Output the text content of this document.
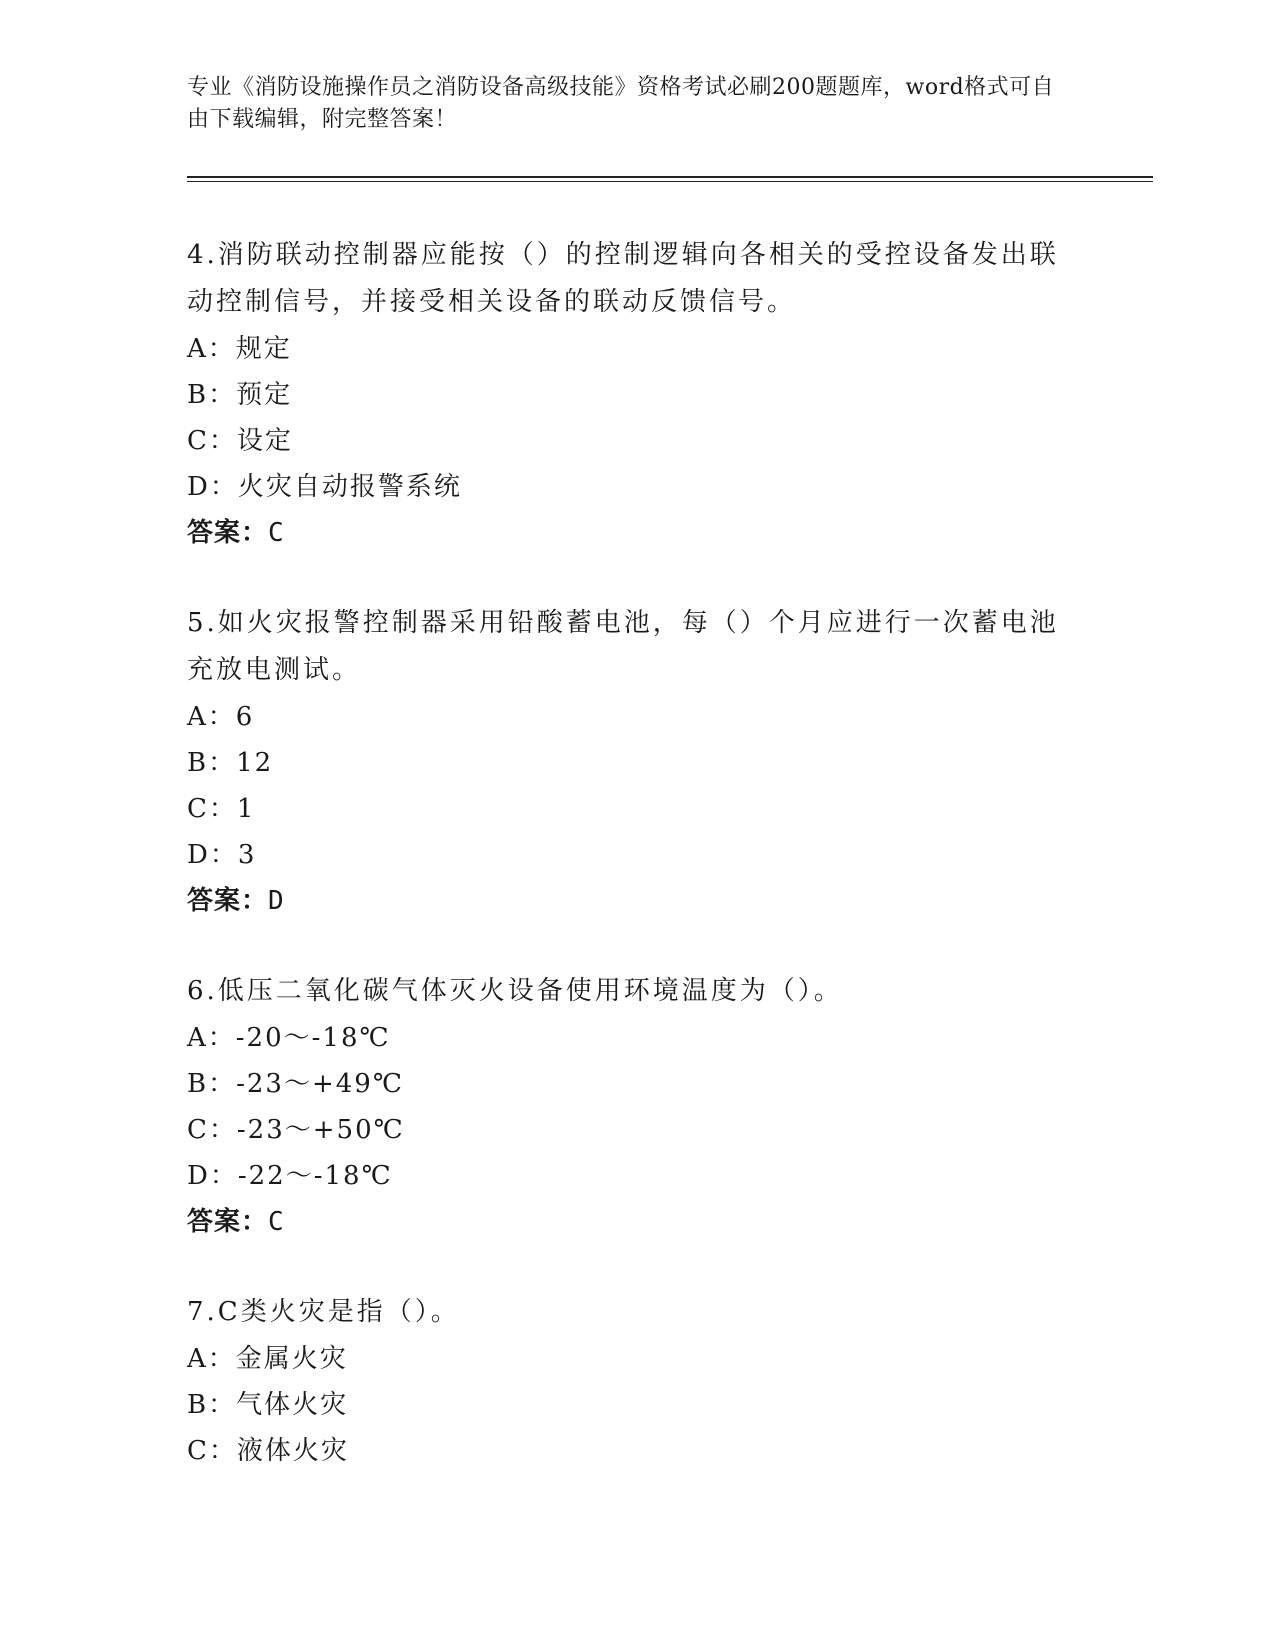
专业《消防设施操作员之消防设备高级技能》资格考试必刷200题题库，word格式可自由下载编辑，附完整答案！
4.消防联动控制器应能按（）的控制逻辑向各相关的受控设备发出联动控制信号，并接受相关设备的联动反馈信号。
A：规定
B：预定
C：设定
D：火灾自动报警系统
答案：C
5.如火灾报警控制器采用铅酸蓄电池，每（）个月应进行一次蓄电池充放电测试。
A：6
B：12
C：1
D：3
答案：D
6.低压二氧化碳气体灭火设备使用环境温度为（）。
A：-20～-18℃
B：-23～+49℃
C：-23～+50℃
D：-22～-18℃
答案：C
7.C类火灾是指（）。
A：金属火灾
B：气体火灾
C：液体火灾
